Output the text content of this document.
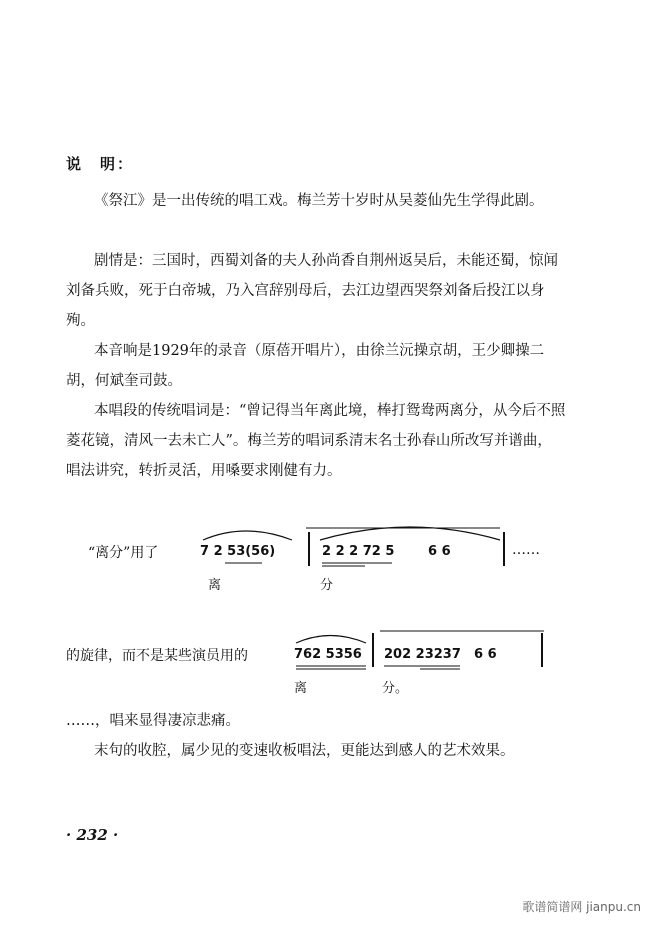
说　明：
《祭江》是一出传统的唱工戏。梅兰芳十岁时从吴菱仙先生学得此剧。
剧情是：三国时，西蜀刘备的夫人孙尚香自荆州返吴后，未能还蜀，惊闻刘备兵败，死于白帝城，乃入宫辞别母后，去江边望西哭祭刘备后投江以身殉。
本音响是1929年的录音（原蓓开唱片），由徐兰沅操京胡，王少卿操二胡，何斌奎司鼓。
本唱段的传统唱词是：“曾记得当年离此境，棒打鸳鸯两离分，从今后不照菱花镜，清风一去未亡人”。梅兰芳的唱词系清末名士孙春山所改写并谱曲，唱法讲究，转折灵活，用嗓要求刚健有力。
“离分”用了	7 2 53(56)	2 2 2 72 5	6 6	……
离	分
的旋律，而不是某些演员用的	762 5356 202 23237 6 6
离	分。
……，唱来显得凄凉悲痛。
末句的收腔，属少见的变速收板唱法，更能达到感人的艺术效果。
· 232 ·
歌谱简谱网 jianpu.cn
